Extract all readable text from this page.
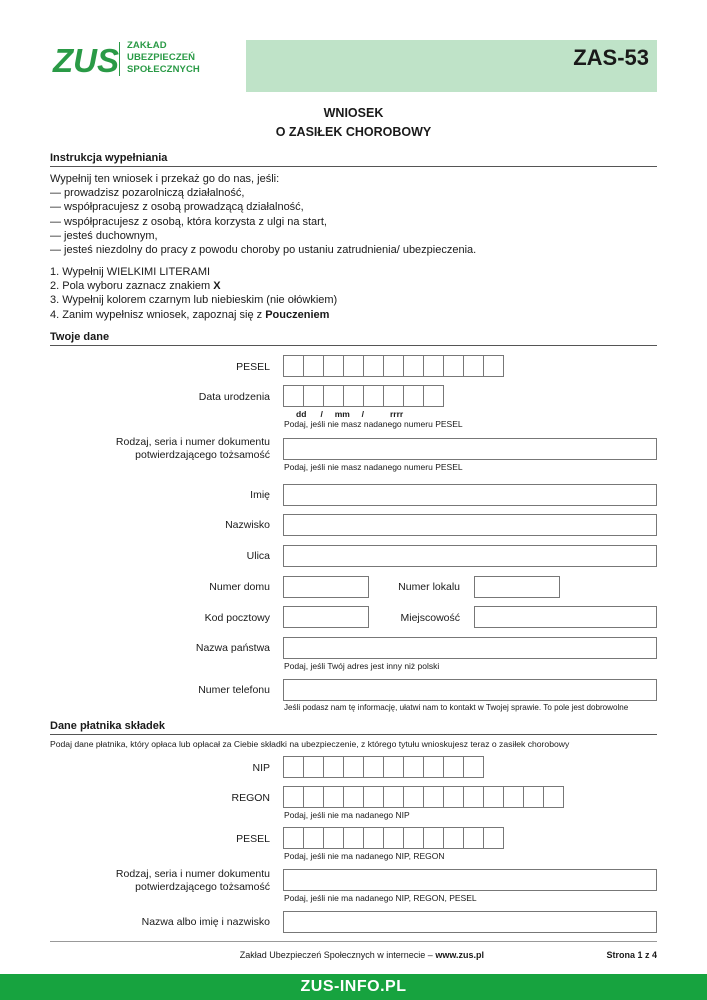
ZUS ZAKŁAD
UBEZPIECZEŃ
SPOŁECZNYCH	ZAS-53
WNIOSEK
O ZASIŁEK CHOROBOWY
Instrukcja wypełniania
Wypełnij ten wniosek i przekaż go do nas, jeśli:
— prowadzisz pozarolniczą działalność,
— współpracujesz z osobą prowadzącą działalność,
— współpracujesz z osobą, która korzysta z ulgi na start,
— jesteś duchownym,
— jesteś niezdolny do pracy z powodu choroby po ustaniu zatrudnienia/ ubezpieczenia.
1. Wypełnij WIELKIMI LITERAMI
2. Pola wyboru zaznacz znakiem X
3. Wypełnij kolorem czarnym lub niebieskim (nie ołówkiem)
4. Zanim wypełnisz wniosek, zapoznaj się z Pouczeniem
Twoje dane
PESEL
Data urodzenia
dd      /     mm     /           rrrr
Podaj, jeśli nie masz nadanego numeru PESEL
Rodzaj, seria i numer dokumentu
potwierdzającego tożsamość
Podaj, jeśli nie masz nadanego numeru PESEL
Imię
Nazwisko
Ulica
Numer domu	Numer lokalu
Kod pocztowy	Miejscowość
Nazwa państwa
Podaj, jeśli Twój adres jest inny niż polski
Numer telefonu
Jeśli podasz nam tę informację, ułatwi nam to kontakt w Twojej sprawie. To pole jest dobrowolne
Dane płatnika składek
Podaj dane płatnika, który opłaca lub opłacał za Ciebie składki na ubezpieczenie, z którego tytułu wnioskujesz teraz o zasiłek chorobowy
NIP
REGON
Podaj, jeśli nie ma nadanego NIP
PESEL
Podaj, jeśli nie ma nadanego NIP, REGON
Rodzaj, seria i numer dokumentu
potwierdzającego tożsamość
Podaj, jeśli nie ma nadanego NIP, REGON, PESEL
Nazwa albo imię i nazwisko
Zakład Ubezpieczeń Społecznych w internecie – www.zus.pl	Strona 1 z 4
ZUS-INFO.PL
